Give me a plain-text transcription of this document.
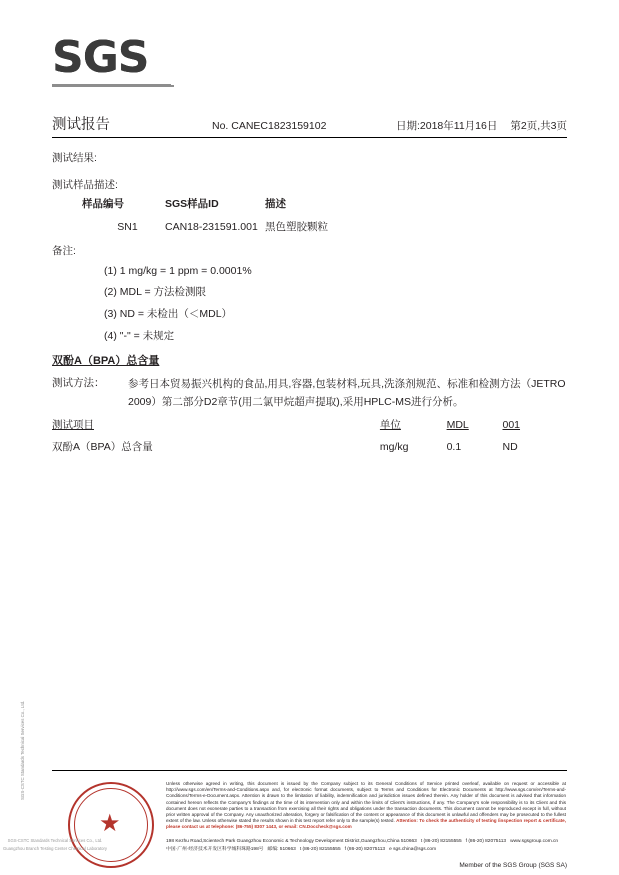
SGS
测试报告	No. CANEC1823159102	日期:2018年11月16日	第2页,共3页
测试结果:
测试样品描述:
样品编号	SGS样品ID	描述
SN1	CAN18-231591.001	黑色塑胶颗粒
备注:
(1) 1 mg/kg = 1 ppm = 0.0001%
(2) MDL = 方法检测限
(3) ND = 未检出（＜MDL）
(4) "-" = 未规定
双酚A（BPA）总含量
测试方法：	参考日本贸易振兴机构的食品,用具,容器,包装材料,玩具,洗涤剂规范、标准和检测方法（JETRO 2009）第二部分D2章节(用二氯甲烷超声提取),采用HPLC-MS进行分析。
测试项目	单位	MDL	001
双酚A（BPA）总含量	mg/kg	0.1	ND
★
SGS-CSTC Standards Technical Services Co., Ltd.
Guangzhou Branch Testing Center Chemical Laboratory
Unless otherwise agreed in writing, this document is issued by the Company subject to its General Conditions of Service printed overleaf, available on request or accessible at http://www.sgs.com/en/Terms-and-Conditions.aspx and, for electronic format documents, subject to Terms and Conditions for Electronic Documents at http://www.sgs.com/en/Terms-and-Conditions/Terms-e-Document.aspx. Attention is drawn to the limitation of liability, indemnification and jurisdiction issues defined therein. Any holder of this document is advised that information contained hereon reflects the Company's findings at the time of its intervention only and within the limits of Client's instructions, if any. The Company's sole responsibility is to its Client and this document does not exonerate parties to a transaction from exercising all their rights and obligations under the transaction documents. This document cannot be reproduced except in full, without prior written approval of the Company. Any unauthorized alteration, forgery or falsification of the content or appearance of this document is unlawful and offenders may be prosecuted to the fullest extent of the law. Unless otherwise stated the results shown in this test report refer only to the sample(s) tested. Attention: To check the authenticity of testing /inspection report & certificate, please contact us at telephone: (86-755) 8307 1443, or email: CN.Doccheck@sgs.com
198 Kezhu Road,Scientech Park Guangzhou Economic & Technology Development District,Guangzhou,China 510663 t (86-20) 82155555 f (86-20) 82075113 www.sgsgroup.com.cn
中国·广州·经济技术开发区科学城科珠路198号 邮编: 510663 t (86-20) 82155555 f (86-20) 82075113 e sgs.china@sgs.com
Member of the SGS Group (SGS SA)
SGS-CSTC Standards Technical Services Co., Ltd.
